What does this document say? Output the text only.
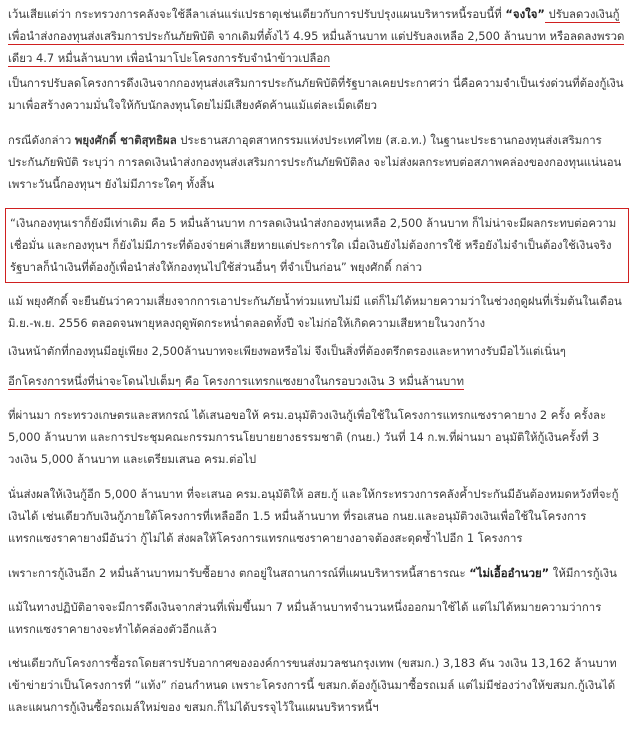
เว้นเสียแต่ว่า กระทรวงการคลังจะใช้ลีลาเล่นแร่แปรธาตุเช่นเดียวกับการปรับปรุงแผนบริหารหนี้รอบนี้ที่ “จงใจ” ปรับลดวงเงินกู้เพื่อนำส่งกองทุนส่งเสริมการประกันภัยพิบัติ จากเดิมที่ตั้งไว้ 4.95 หมื่นล้านบาท แต่ปรับลงเหลือ 2,500 ล้านบาท หรือลดลงพรวดเดียว 4.7 หมื่นล้านบาท เพื่อนำมาโปะโครงการรับจำนำข้าวเปลือก

เป็นการปรับลดโครงการดึงเงินจากกองทุนส่งเสริมการประกันภัยพิบัติที่รัฐบาลเคยประกาศว่า นี่คือความจำเป็นเร่งด่วนที่ต้องกู้เงินมาเพื่อสร้างความมั่นใจให้กับนักลงทุนโดยไม่มีเสียงคัดค้านแม้แต่ละเม็ดเดียว

กรณีดังกล่าว พยุงศักดิ์ ชาติสุทธิผล ประธานสภาอุตสาหกรรมแห่งประเทศไทย (ส.อ.ท.) ในฐานะประธานกองทุนส่งเสริมการประกันภัยพิบัติ ระบุว่า การลดเงินนำส่งกองทุนส่งเสริมการประกันภัยพิบัติลง จะไม่ส่งผลกระทบต่อสภาพคล่องของกองทุนแน่นอน เพราะวันนี้กองทุนฯ ยังไม่มีภาระใดๆ ทั้งสิ้น

“เงินกองทุนเราก็ยังมีเท่าเดิม คือ 5 หมื่นล้านบาท การลดเงินนำส่งกองทุนเหลือ 2,500 ล้านบาท ก็ไม่น่าจะมีผลกระทบต่อความเชื่อมั่น และกองทุนฯ ก็ยังไม่มีภาระที่ต้องจ่ายค่าเสียหายแต่ประการใด เมื่อเงินยังไม่ต้องการใช้ หรือยังไม่จำเป็นต้องใช้เงินจริง รัฐบาลก็นำเงินที่ต้องกู้เพื่อนำส่งให้กองทุนไปใช้ส่วนอื่นๆ ที่จำเป็นก่อน” พยุงศักดิ์ กล่าว

แม้ พยุงศักดิ์ จะยืนยันว่าความเสี่ยงจากการเอาประกันภัยนํ้าท่วมแทบไม่มี แต่ก็ไม่ได้หมายความว่าในช่วงฤดูฝนที่เริ่มต้นในเดือน มิ.ย.-พ.ย. 2556 ตลอดจนพายุหลงฤดูพัดกระหน่ำตลอดทั้งปี จะไม่ก่อให้เกิดความเสียหายในวงกว้าง

เงินหน้าตักที่กองทุนมีอยู่เพียง 2,500ล้านบาทจะเพียงพอหรือไม่ จึงเป็นสิ่งที่ต้องตรึกตรองและหาทางรับมือไว้แต่เนิ่นๆ

อีกโครงการหนึ่งที่น่าจะโดนไปเต็มๆ คือ โครงการแทรกแซงยางในกรอบวงเงิน 3 หมื่นล้านบาท

ที่ผ่านมา กระทรวงเกษตรและสหกรณ์ ได้เสนอขอให้ ครม.อนุมัติวงเงินกู้เพื่อใช้ในโครงการแทรกแซงราคายาง 2 ครั้ง ครั้งละ 5,000 ล้านบาท และการประชุมคณะกรรมการนโยบายยางธรรมชาติ (กนย.) วันที่ 14 ก.พ.ที่ผ่านมา อนุมัติให้กู้เงินครั้งที่ 3 วงเงิน 5,000 ล้านบาท และเตรียมเสนอ ครม.ต่อไป

นั่นส่งผลให้เงินกู้อีก 5,000 ล้านบาท ที่จะเสนอ ครม.อนุมัติให้ อสย.กู้ และให้กระทรวงการคลังค้ำประกันมีอันต้องหมดหวังที่จะกู้เงินได้ เช่นเดียวกับเงินกู้ภายใต้โครงการที่เหลืออีก 1.5 หมื่นล้านบาท ที่รอเสนอ กนย.และอนุมัติวงเงินเพื่อใช้ในโครงการแทรกแซงราคายางมีอันว่า กู้ไม่ได้ ส่งผลให้โครงการแทรกแซงราคายางอาจต้องสะดุดซ้ำไปอีก 1 โครงการ

เพราะการกู้เงินอีก 2 หมื่นล้านบาทมารับซื้อยาง ตกอยู่ในสถานการณ์ที่แผนบริหารหนี้สาธารณะ “ไม่เอื้ออำนวย” ให้มีการกู้เงิน

แม้ในทางปฏิบัติอาจจะมีการดึงเงินจากส่วนที่เพิ่มขึ้นมา 7 หมื่นล้านบาทจำนวนหนึ่งออกมาใช้ได้ แต่ไม่ได้หมายความว่าการแทรกแซงราคายางจะทำได้คล่องตัวอีกแล้ว

เช่นเดียวกับโครงการซื้อรถโดยสารปรับอากาศขององค์การขนส่งมวลชนกรุงเทพ (ขสมก.) 3,183 คัน วงเงิน 13,162 ล้านบาท เข้าข่ายว่าเป็นโครงการที่ “แท้ง” ก่อนกำหนด เพราะโครงการนี้ ขสมก.ต้องกู้เงินมาซื้อรถเมล์ แต่ไม่มีช่องว่างให้ขสมก.กู้เงินได้ และแผนการกู้เงินซื้อรถเมล์ใหม่ของ ขสมก.ก็ไม่ได้บรรจุไว้ในแผนบริหารหนี้ฯ
